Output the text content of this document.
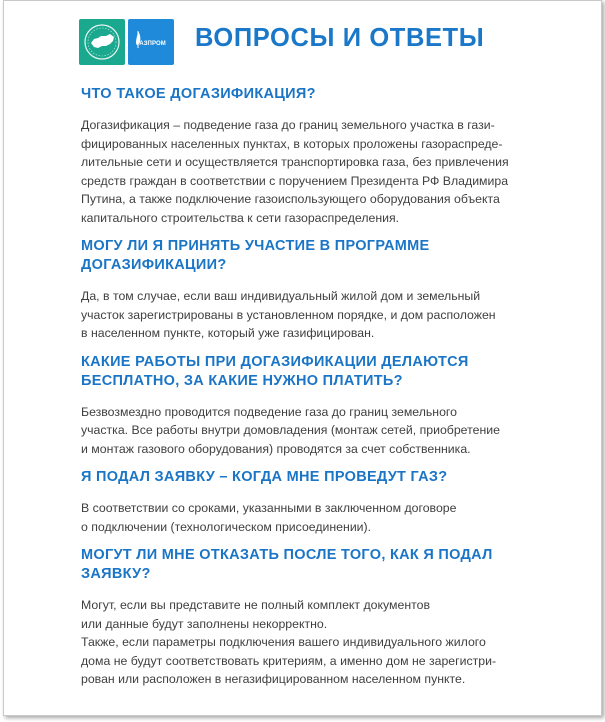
ГАЗПРОМ	ВОПРОСЫ И ОТВЕТЫ
ЧТО ТАКОЕ ДОГАЗИФИКАЦИЯ?
Догазификация – подведение газа до границ земельного участка в гази-
фицированных населенных пунктах, в которых проложены газораспреде-
лительные сети и осуществляется транспортировка газа, без привлечения
средств граждан в соответствии с поручением Президента РФ Владимира
Путина, а также подключение газоиспользующего оборудования объекта
капитального строительства к сети газораспределения.
МОГУ ЛИ Я ПРИНЯТЬ УЧАСТИЕ В ПРОГРАММЕ
ДОГАЗИФИКАЦИИ?
Да, в том случае, если ваш индивидуальный жилой дом и земельный
участок зарегистрированы в установленном порядке, и дом расположен
в населенном пункте, который уже газифицирован.
КАКИЕ РАБОТЫ ПРИ ДОГАЗИФИКАЦИИ ДЕЛАЮТСЯ
БЕСПЛАТНО, ЗА КАКИЕ НУЖНО ПЛАТИТЬ?
Безвозмездно проводится подведение газа до границ земельного
участка. Все работы внутри домовладения (монтаж сетей, приобретение
и монтаж газового оборудования) проводятся за счет собственника.
Я ПОДАЛ ЗАЯВКУ – КОГДА МНЕ ПРОВЕДУТ ГАЗ?
В соответствии со сроками, указанными в заключенном договоре
о подключении (технологическом присоединении).
МОГУТ ЛИ МНЕ ОТКАЗАТЬ ПОСЛЕ ТОГО, КАК Я ПОДАЛ
ЗАЯВКУ?
Могут, если вы представите не полный комплект документов
или данные будут заполнены некорректно.
Также, если параметры подключения вашего индивидуального жилого
дома не будут соответствовать критериям, а именно дом не зарегистри-
рован или расположен в негазифицированном населенном пункте.
